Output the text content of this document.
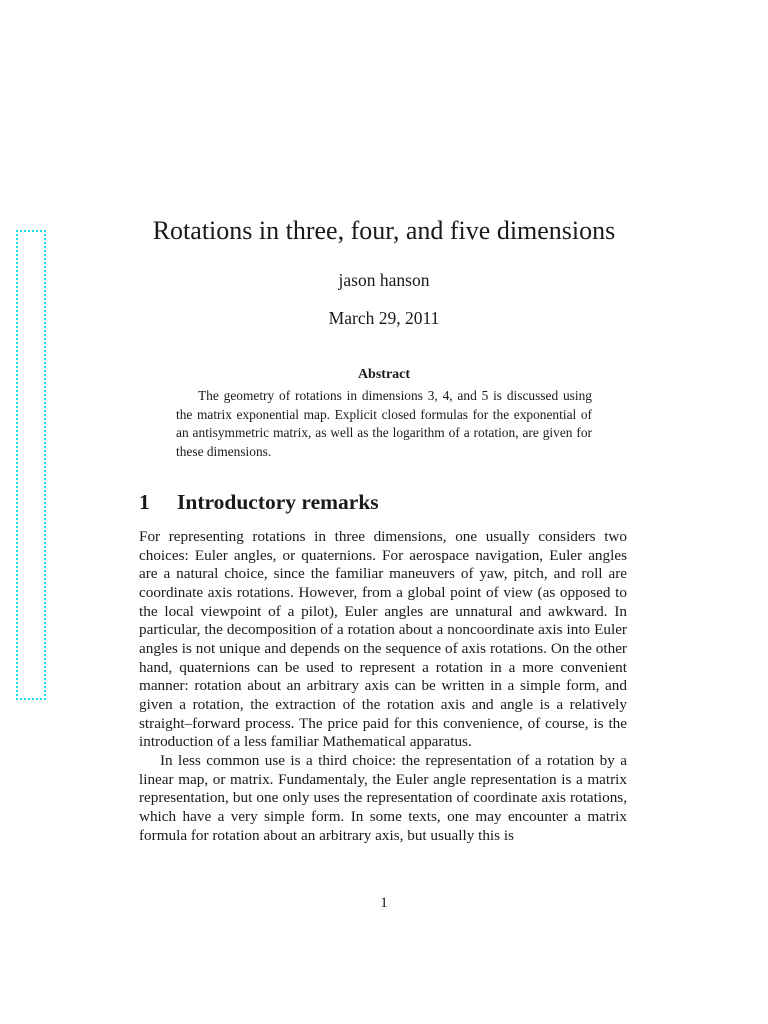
Rotations in three, four, and five dimensions
jason hanson
March 29, 2011
Abstract

The geometry of rotations in dimensions 3, 4, and 5 is discussed using the matrix exponential map. Explicit closed formulas for the exponential of an antisymmetric matrix, as well as the logarithm of a rotation, are given for these dimensions.

1 Introductory remarks

For representing rotations in three dimensions, one usually considers two choices: Euler angles, or quaternions. For aerospace navigation, Euler angles are a natural choice, since the familiar maneuvers of yaw, pitch, and roll are coordinate axis rotations. However, from a global point of view (as opposed to the local viewpoint of a pilot), Euler angles are unnatural and awkward. In particular, the decomposition of a rotation about a noncoordinate axis into Euler angles is not unique and depends on the sequence of axis rotations. On the other hand, quaternions can be used to represent a rotation in a more convenient manner: rotation about an arbitrary axis can be written in a simple form, and given a rotation, the extraction of the rotation axis and angle is a relatively straight–forward process. The price paid for this convenience, of course, is the introduction of a less familiar Mathematical apparatus.

In less common use is a third choice: the representation of a rotation by a linear map, or matrix. Fundamentaly, the Euler angle representation is a matrix representation, but one only uses the representation of coordinate axis rotations, which have a very simple form. In some texts, one may encounter a matrix formula for rotation about an arbitrary axis, but usually this is

1
